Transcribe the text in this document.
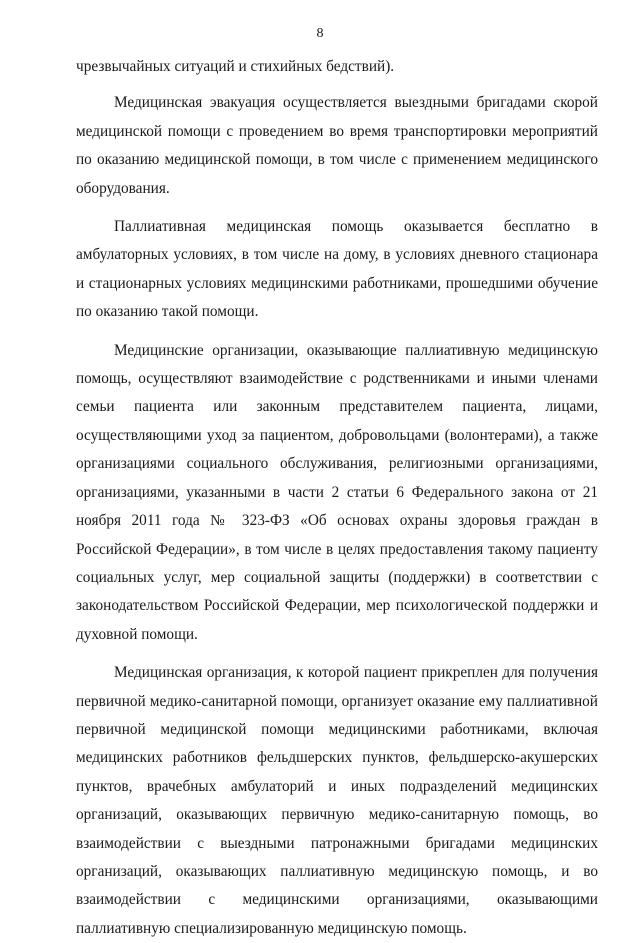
8

чрезвычайных ситуаций и стихийных бедствий).

Медицинская эвакуация осуществляется выездными бригадами скорой медицинской помощи с проведением во время транспортировки мероприятий по оказанию медицинской помощи, в том числе с применением медицинского оборудования.

Паллиативная медицинская помощь оказывается бесплатно в амбулаторных условиях, в том числе на дому, в условиях дневного стационара и стационарных условиях медицинскими работниками, прошедшими обучение по оказанию такой помощи.

Медицинские организации, оказывающие паллиативную медицинскую помощь, осуществляют взаимодействие с родственниками и иными членами семьи пациента или законным представителем пациента, лицами, осуществляющими уход за пациентом, добровольцами (волонтерами), а также организациями социального обслуживания, религиозными организациями, организациями, указанными в части 2 статьи 6 Федерального закона от 21 ноября 2011 года № 323-ФЗ «Об основах охраны здоровья граждан в Российской Федерации», в том числе в целях предоставления такому пациенту социальных услуг, мер социальной защиты (поддержки) в соответствии с законодательством Российской Федерации, мер психологической поддержки и духовной помощи.

Медицинская организация, к которой пациент прикреплен для получения первичной медико-санитарной помощи, организует оказание ему паллиативной первичной медицинской помощи медицинскими работниками, включая медицинских работников фельдшерских пунктов, фельдшерско-акушерских пунктов, врачебных амбулаторий и иных подразделений медицинских организаций, оказывающих первичную медико-санитарную помощь, во взаимодействии с выездными патронажными бригадами медицинских организаций, оказывающих паллиативную медицинскую помощь, и во взаимодействии с медицинскими организациями, оказывающими паллиативную специализированную медицинскую помощь.
